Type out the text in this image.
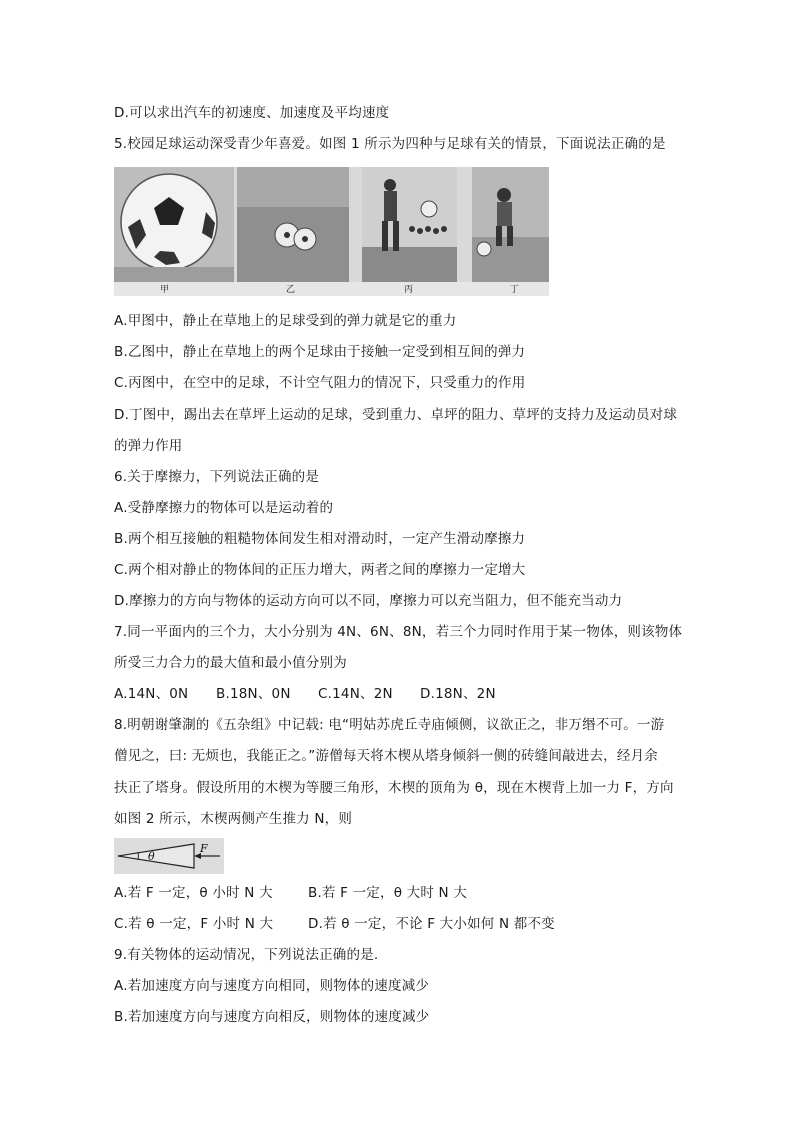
D.可以求出汽车的初速度、加速度及平均速度
5.校园足球运动深受青少年喜爱。如图 1 所示为四种与足球有关的情景，下面说法正确的是
甲	乙	丙	丁
A.甲图中，静止在草地上的足球受到的弹力就是它的重力
B.乙图中，静止在草地上的两个足球由于接触一定受到相互间的弹力
C.丙图中，在空中的足球，不计空气阻力的情况下，只受重力的作用
D.丁图中，踢出去在草坪上运动的足球，受到重力、卓坪的阻力、草坪的支持力及运动员对球
的弹力作用
6.关于摩擦力，下列说法正确的是
A.受静摩擦力的物体可以是运动着的
B.两个相互接触的粗糙物体间发生相对滑动时，一定产生滑动摩擦力
C.两个相对静止的物体间的正压力增大，两者之间的摩擦力一定增大
D.摩擦力的方向与物体的运动方向可以不同，摩擦力可以充当阻力，但不能充当动力
7.同一平面内的三个力，大小分别为 4N、6N、8N，若三个力同时作用于某一物体，则该物体
所受三力合力的最大值和最小值分别为
A.14N、0N B.18N、0N C.14N、2N D.18N、2N
8.明朝谢肇淛的《五杂组》中记载: 电“明姑苏虎丘寺庙倾侧，议欲正之，非万缗不可。一游
僧见之，曰: 无烦也，我能正之。”游僧每天将木楔从塔身倾斜一侧的砖缝间敲进去，经月余
扶正了塔身。假设所用的木楔为等腰三角形，木楔的顶角为 θ，现在木楔背上加一力 F，方向
如图 2 所示，木楔两侧产生推力 N，则
θ
F
A.若 F 一定，θ 小时 N 大	B.若 F 一定，θ 大时 N 大
C.若 θ 一定，F 小时 N 大	D.若 θ 一定，不论 F 大小如何 N 都不变
9.有关物体的运动情况，下列说法正确的是.
A.若加速度方向与速度方向相同，则物体的速度减少
B.若加速度方向与速度方向相反，则物体的速度减少
